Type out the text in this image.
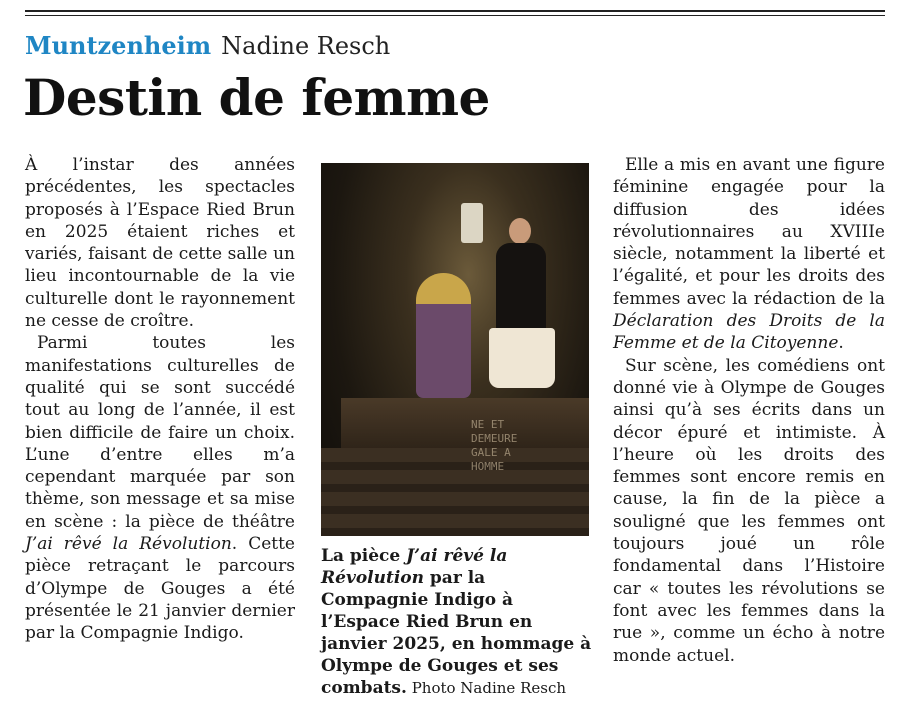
Muntzenheim Nadine Resch
Destin de femme

À l’instar des années précédentes, les spectacles proposés à l’Espace Ried Brun en 2025 étaient riches et variés, faisant de cette salle un lieu incontournable de la vie culturelle dont le rayonnement ne cesse de croître.

Parmi toutes les manifestations culturelles de qualité qui se sont succédé tout au long de l’année, il est bien difficile de faire un choix. L’une d’entre elles m’a cependant marquée par son thème, son message et sa mise en scène : la pièce de théâtre J’ai rêvé la Révolution. Cette pièce retraçant le parcours d’Olympe de Gouges a été présentée le 21 janvier dernier par la Compagnie Indigo.

NE ET
DEMEURE
GALE A
HOMME
La pièce J’ai rêvé la Révolution par la Compagnie Indigo à l’Espace Ried Brun en janvier 2025, en hommage à Olympe de Gouges et ses combats. Photo Nadine Resch

Elle a mis en avant une figure féminine engagée pour la diffusion des idées révolutionnaires au XVIIIe siècle, notamment la liberté et l’égalité, et pour les droits des femmes avec la rédaction de la Déclaration des Droits de la Femme et de la Citoyenne.

Sur scène, les comédiens ont donné vie à Olympe de Gouges ainsi qu’à ses écrits dans un décor épuré et intimiste. À l’heure où les droits des femmes sont encore remis en cause, la fin de la pièce a souligné que les femmes ont toujours joué un rôle fondamental dans l’Histoire car « toutes les révolutions se font avec les femmes dans la rue », comme un écho à notre monde actuel.
